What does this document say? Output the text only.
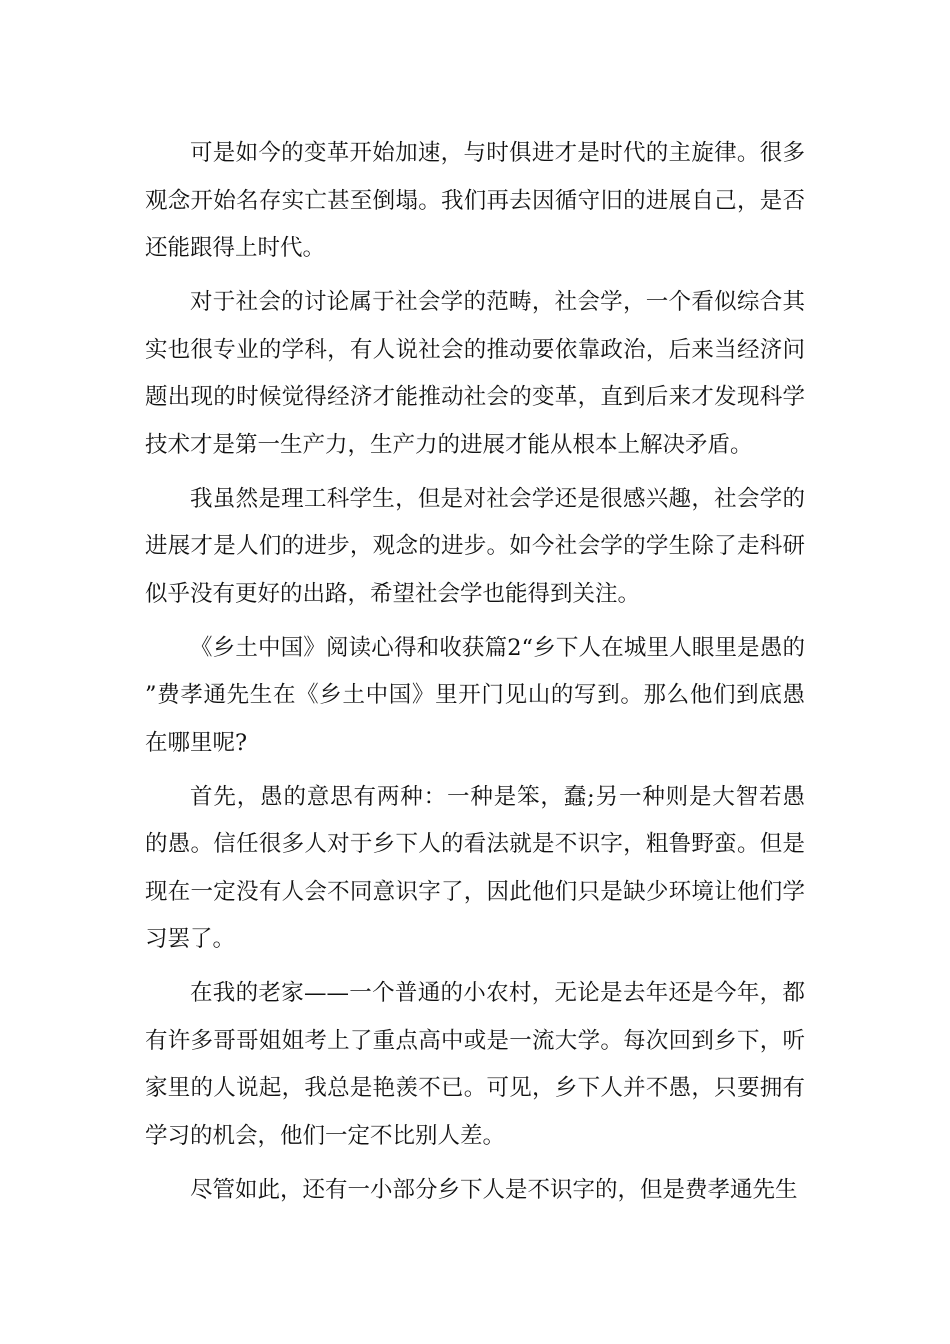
可是如今的变革开始加速，与时俱进才是时代的主旋律。很多观念开始名存实亡甚至倒塌。我们再去因循守旧的进展自己，是否还能跟得上时代。

对于社会的讨论属于社会学的范畴，社会学，一个看似综合其实也很专业的学科，有人说社会的推动要依靠政治，后来当经济问题出现的时候觉得经济才能推动社会的变革，直到后来才发现科学技术才是第一生产力，生产力的进展才能从根本上解决矛盾。

我虽然是理工科学生，但是对社会学还是很感兴趣，社会学的进展才是人们的进步，观念的进步。如今社会学的学生除了走科研似乎没有更好的出路，希望社会学也能得到关注。

《乡土中国》阅读心得和收获篇2“乡下人在城里人眼里是愚的”费孝通先生在《乡土中国》里开门见山的写到。那么他们到底愚在哪里呢?

首先，愚的意思有两种：一种是笨，蠢;另一种则是大智若愚的愚。信任很多人对于乡下人的看法就是不识字，粗鲁野蛮。但是现在一定没有人会不同意识字了，因此他们只是缺少环境让他们学习罢了。

在我的老家——一个普通的小农村，无论是去年还是今年，都有许多哥哥姐姐考上了重点高中或是一流大学。每次回到乡下，听家里的人说起，我总是艳羡不已。可见，乡下人并不愚，只要拥有学习的机会，他们一定不比别人差。

尽管如此，还有一小部分乡下人是不识字的，但是费孝通先生
